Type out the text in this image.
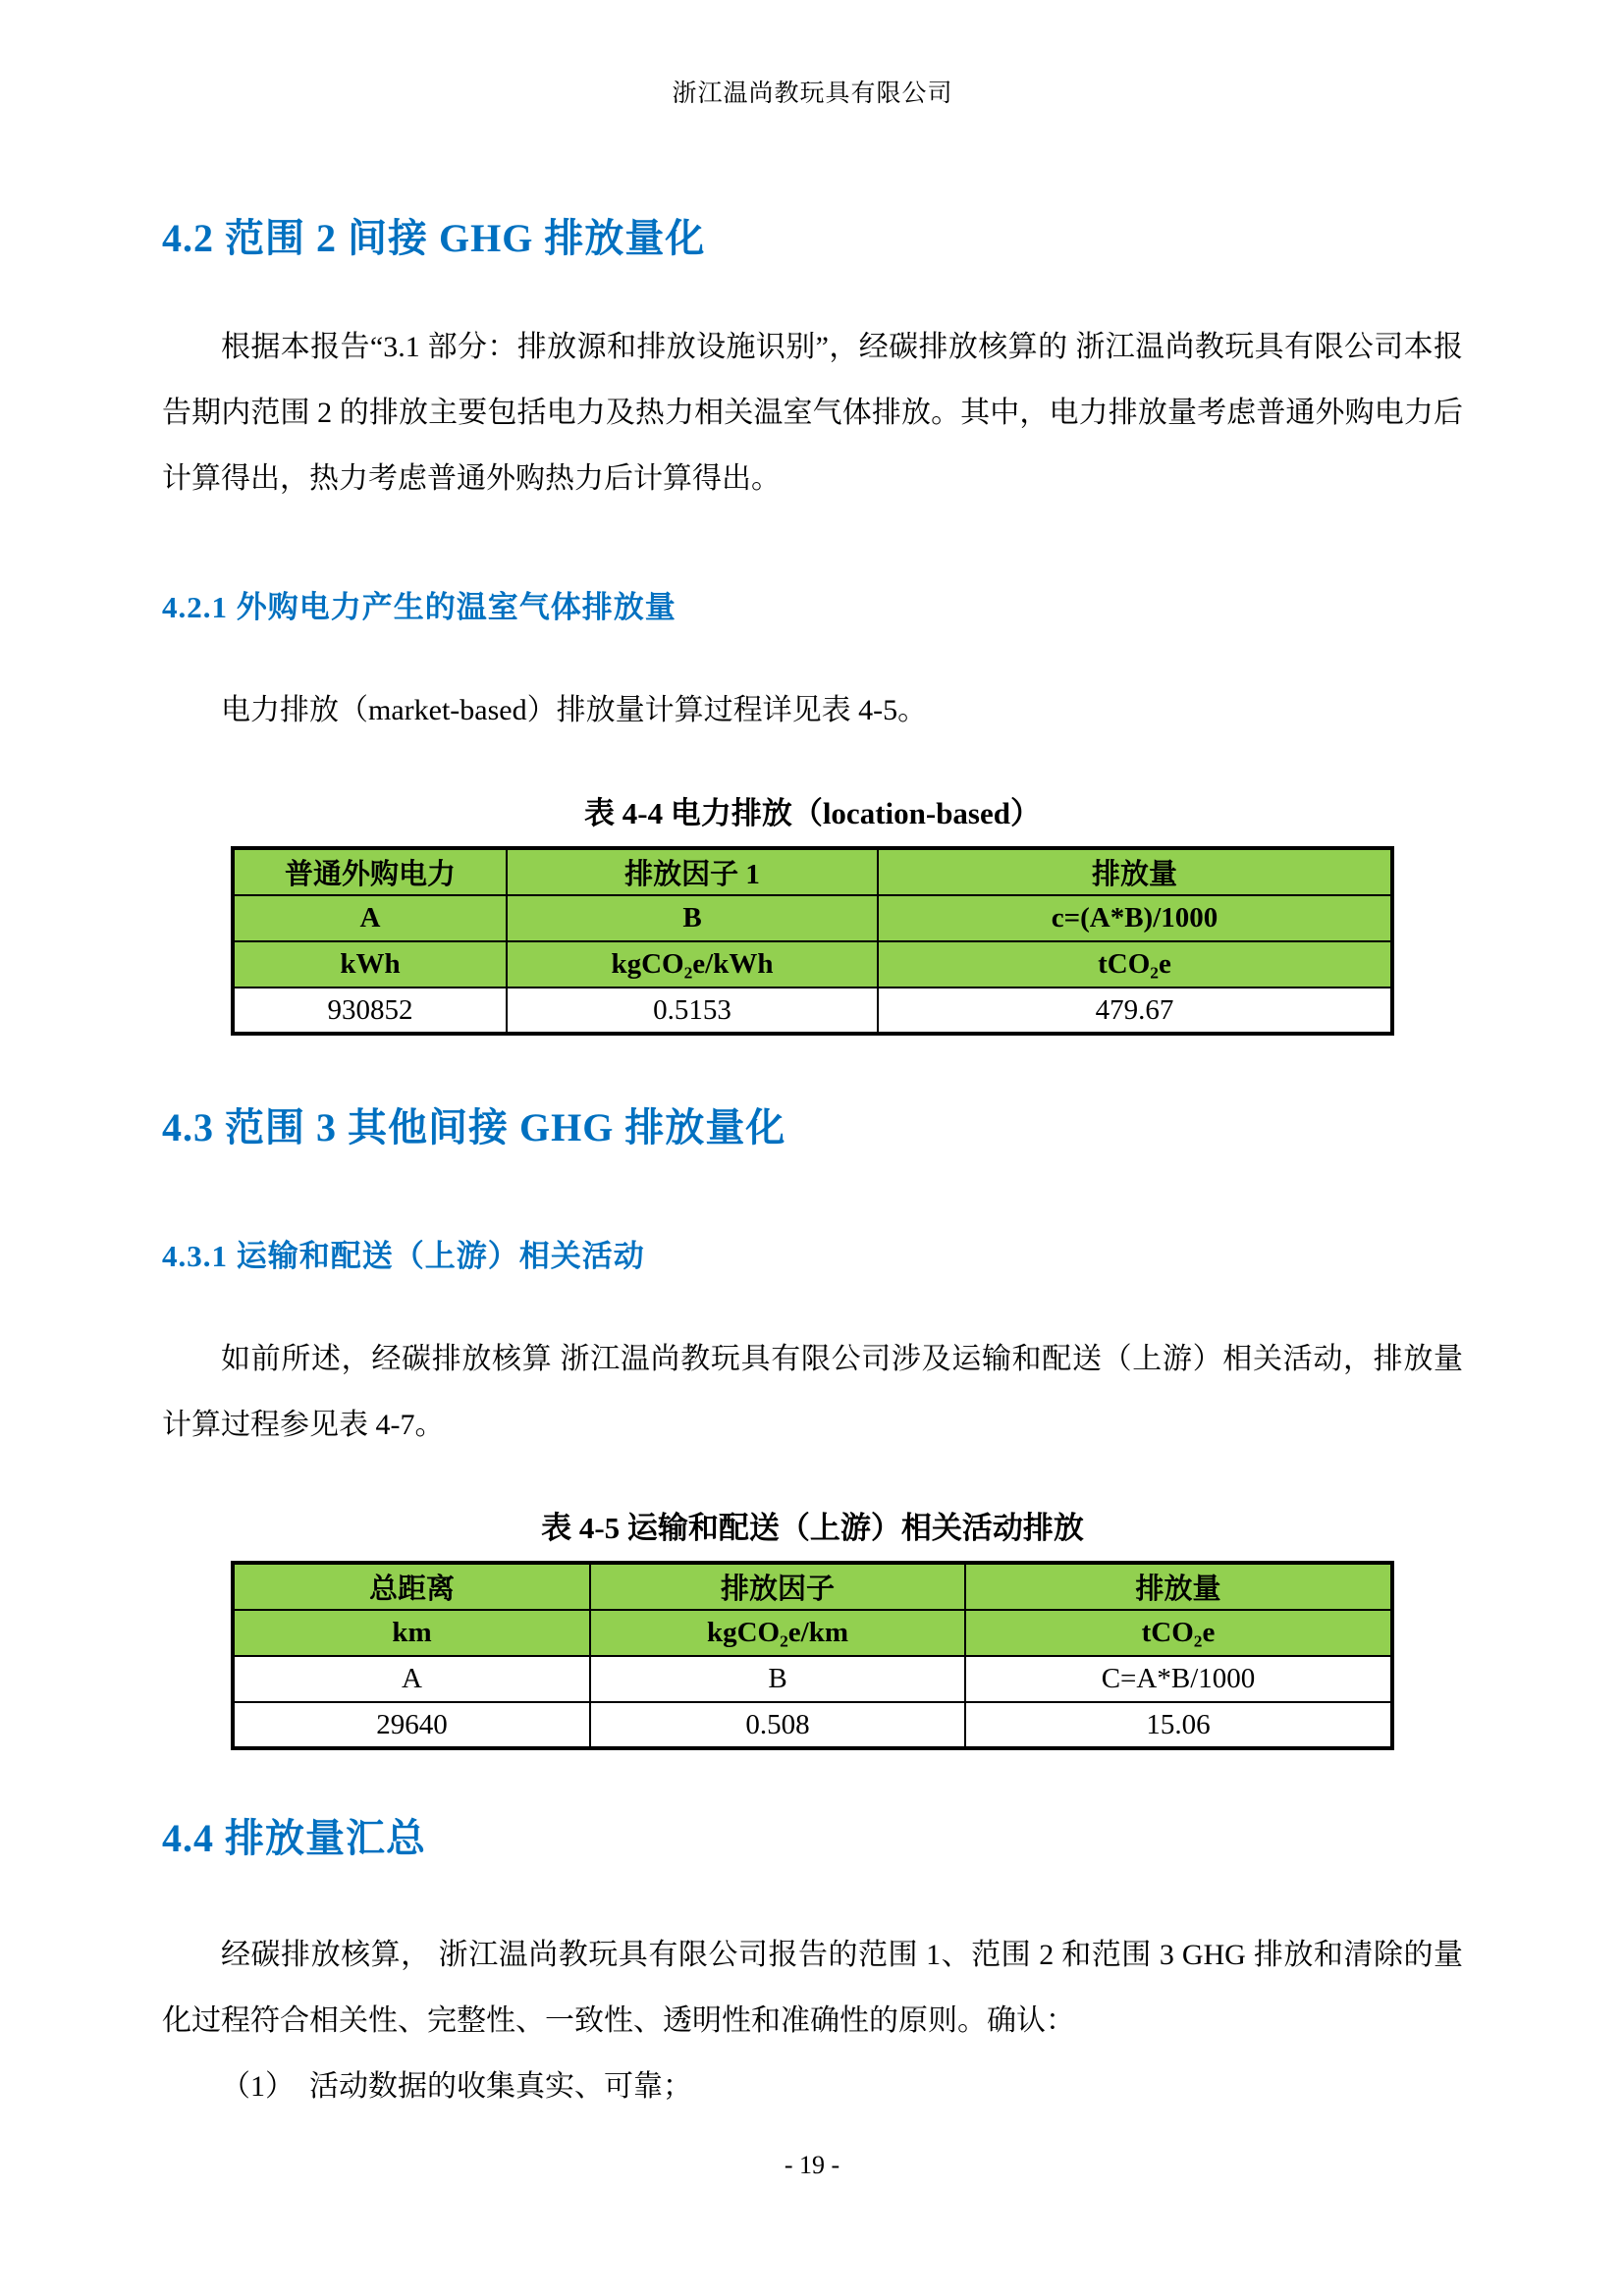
浙江温尚教玩具有限公司
4.2 范围 2 间接 GHG 排放量化

根据本报告“3.1 部分：排放源和排放设施识别”，经碳排放核算的 浙江温尚教玩具有限公司本报告期内范围 2 的排放主要包括电力及热力相关温室气体排放。其中，电力排放量考虑普通外购电力后计算得出，热力考虑普通外购热力后计算得出。

4.2.1 外购电力产生的温室气体排放量

电力排放（market-based）排放量计算过程详见表 4-5。

表 4-4 电力排放（location-based）
普通外购电力	排放因子 1	排放量
A	B	c=(A*B)/1000
kWh	kgCO₂e/kWh	tCO₂e
930852	0.5153	479.67
4.3 范围 3 其他间接 GHG 排放量化
4.3.1 运输和配送（上游）相关活动

如前所述，经碳排放核算 浙江温尚教玩具有限公司涉及运输和配送（上游）相关活动，排放量计算过程参见表 4-7。

表 4-5 运输和配送（上游）相关活动排放
总距离	排放因子	排放量
km	kgCO₂e/km	tCO₂e
A	B	C=A*B/1000
29640	0.508	15.06
4.4 排放量汇总

经碳排放核算， 浙江温尚教玩具有限公司报告的范围 1、范围 2 和范围 3 GHG 排放和清除的量化过程符合相关性、完整性、一致性、透明性和准确性的原则。确认：

（1）　活动数据的收集真实、可靠；

- 19 -
